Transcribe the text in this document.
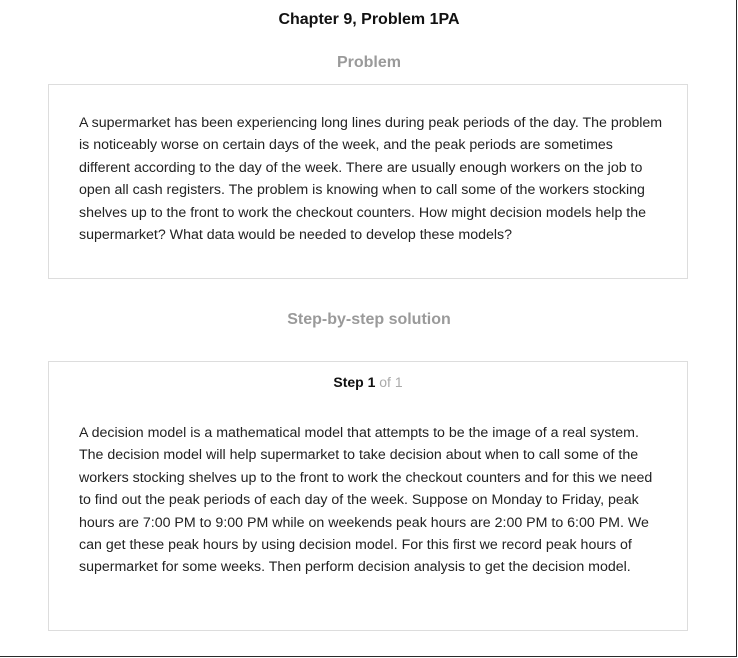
Chapter 9, Problem 1PA
Problem
A supermarket has been experiencing long lines during peak periods of the day. The problem is noticeably worse on certain days of the week, and the peak periods are sometimes different according to the day of the week. There are usually enough workers on the job to open all cash registers. The problem is knowing when to call some of the workers stocking shelves up to the front to work the checkout counters. How might decision models help the supermarket? What data would be needed to develop these models?
Step-by-step solution
Step 1 of 1
A decision model is a mathematical model that attempts to be the image of a real system. The decision model will help supermarket to take decision about when to call some of the workers stocking shelves up to the front to work the checkout counters and for this we need to find out the peak periods of each day of the week. Suppose on Monday to Friday, peak hours are 7:00 PM to 9:00 PM while on weekends peak hours are 2:00 PM to 6:00 PM. We can get these peak hours by using decision model. For this first we record peak hours of supermarket for some weeks. Then perform decision analysis to get the decision model.
